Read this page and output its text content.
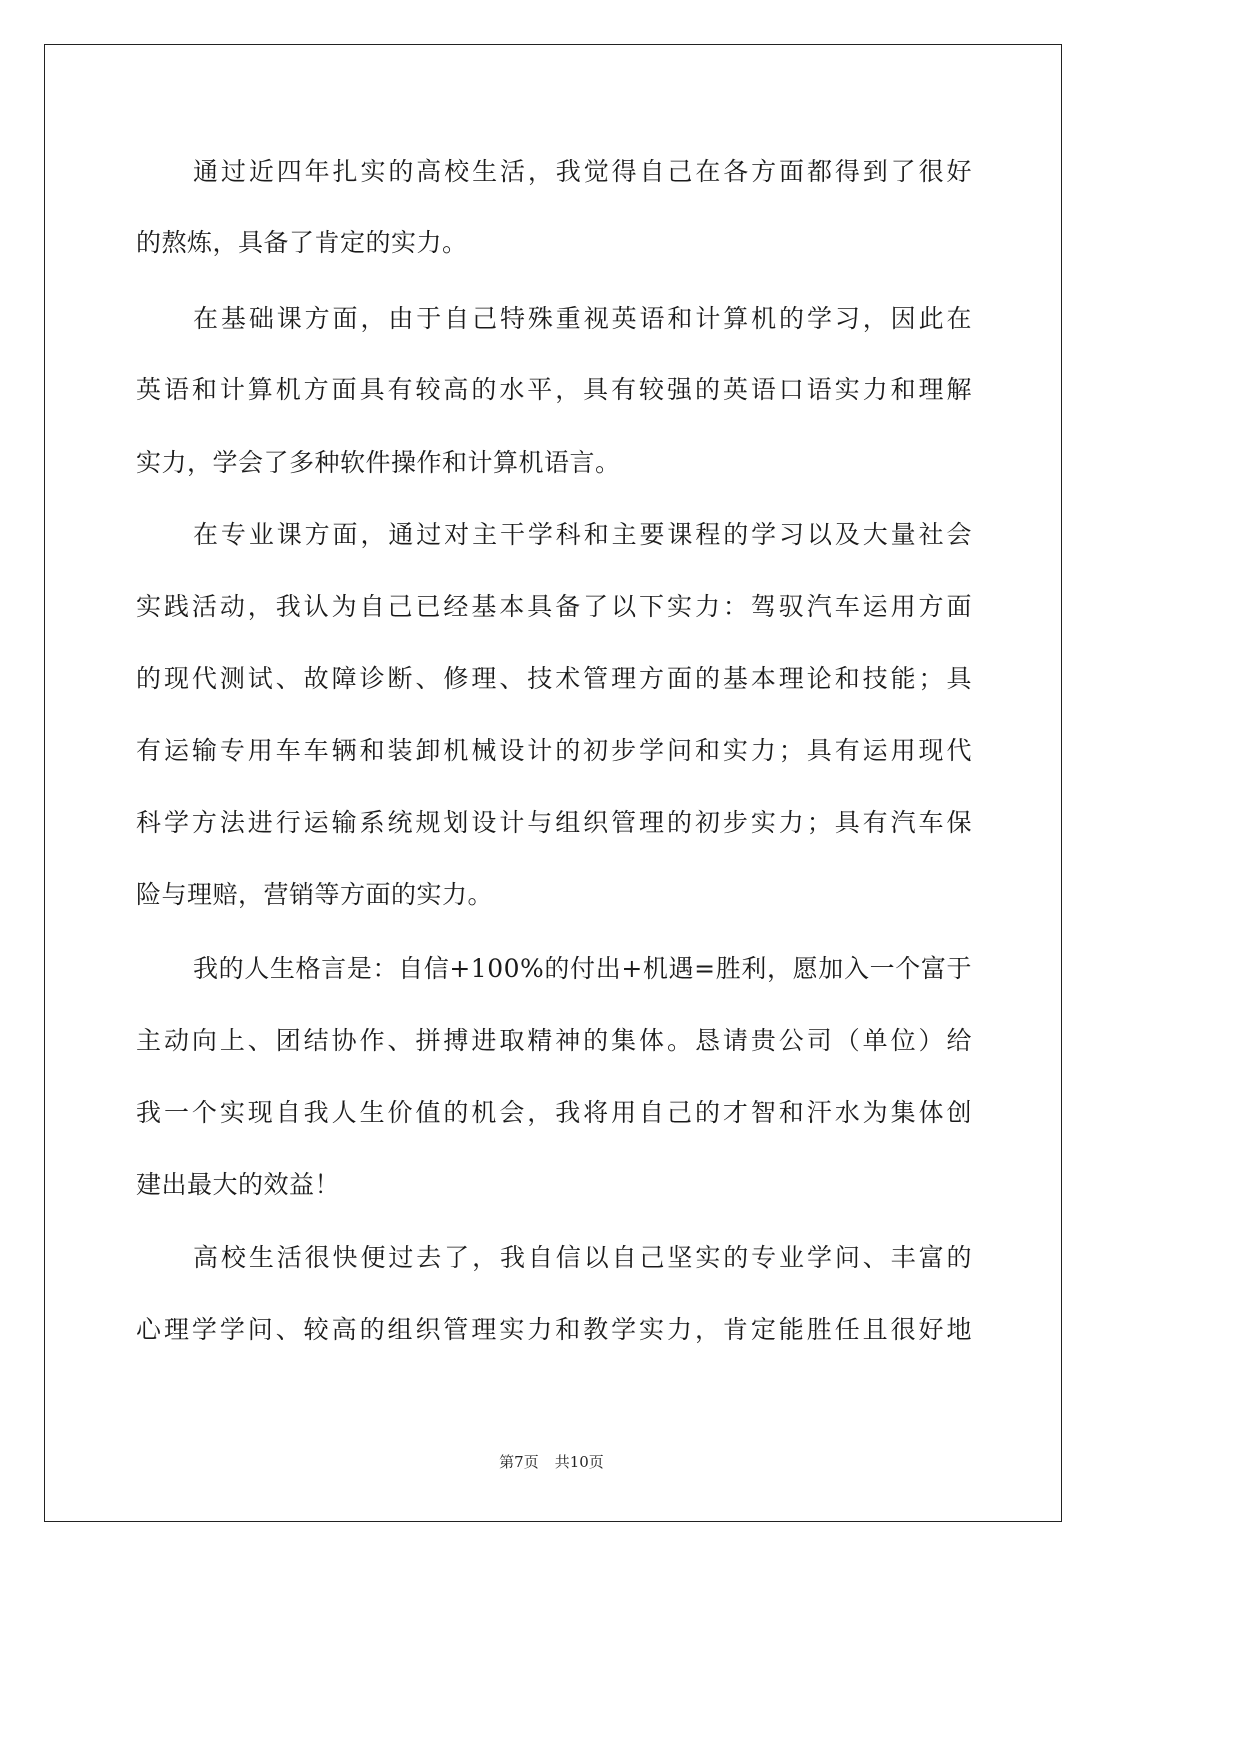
通过近四年扎实的高校生活，我觉得自己在各方面都得到了很好
的熬炼，具备了肯定的实力。
在基础课方面，由于自己特殊重视英语和计算机的学习，因此在
英语和计算机方面具有较高的水平，具有较强的英语口语实力和理解
实力，学会了多种软件操作和计算机语言。
在专业课方面，通过对主干学科和主要课程的学习以及大量社会
实践活动，我认为自己已经基本具备了以下实力：驾驭汽车运用方面
的现代测试、故障诊断、修理、技术管理方面的基本理论和技能；具
有运输专用车车辆和装卸机械设计的初步学问和实力；具有运用现代
科学方法进行运输系统规划设计与组织管理的初步实力；具有汽车保
险与理赔，营销等方面的实力。
我的人生格言是：自信+100%的付出+机遇=胜利，愿加入一个富于
主动向上、团结协作、拼搏进取精神的集体。恳请贵公司（单位）给
我一个实现自我人生价值的机会，我将用自己的才智和汗水为集体创
建出最大的效益！
高校生活很快便过去了，我自信以自己坚实的专业学问、丰富的
心理学学问、较高的组织管理实力和教学实力，肯定能胜任且很好地
第7页 共10页
